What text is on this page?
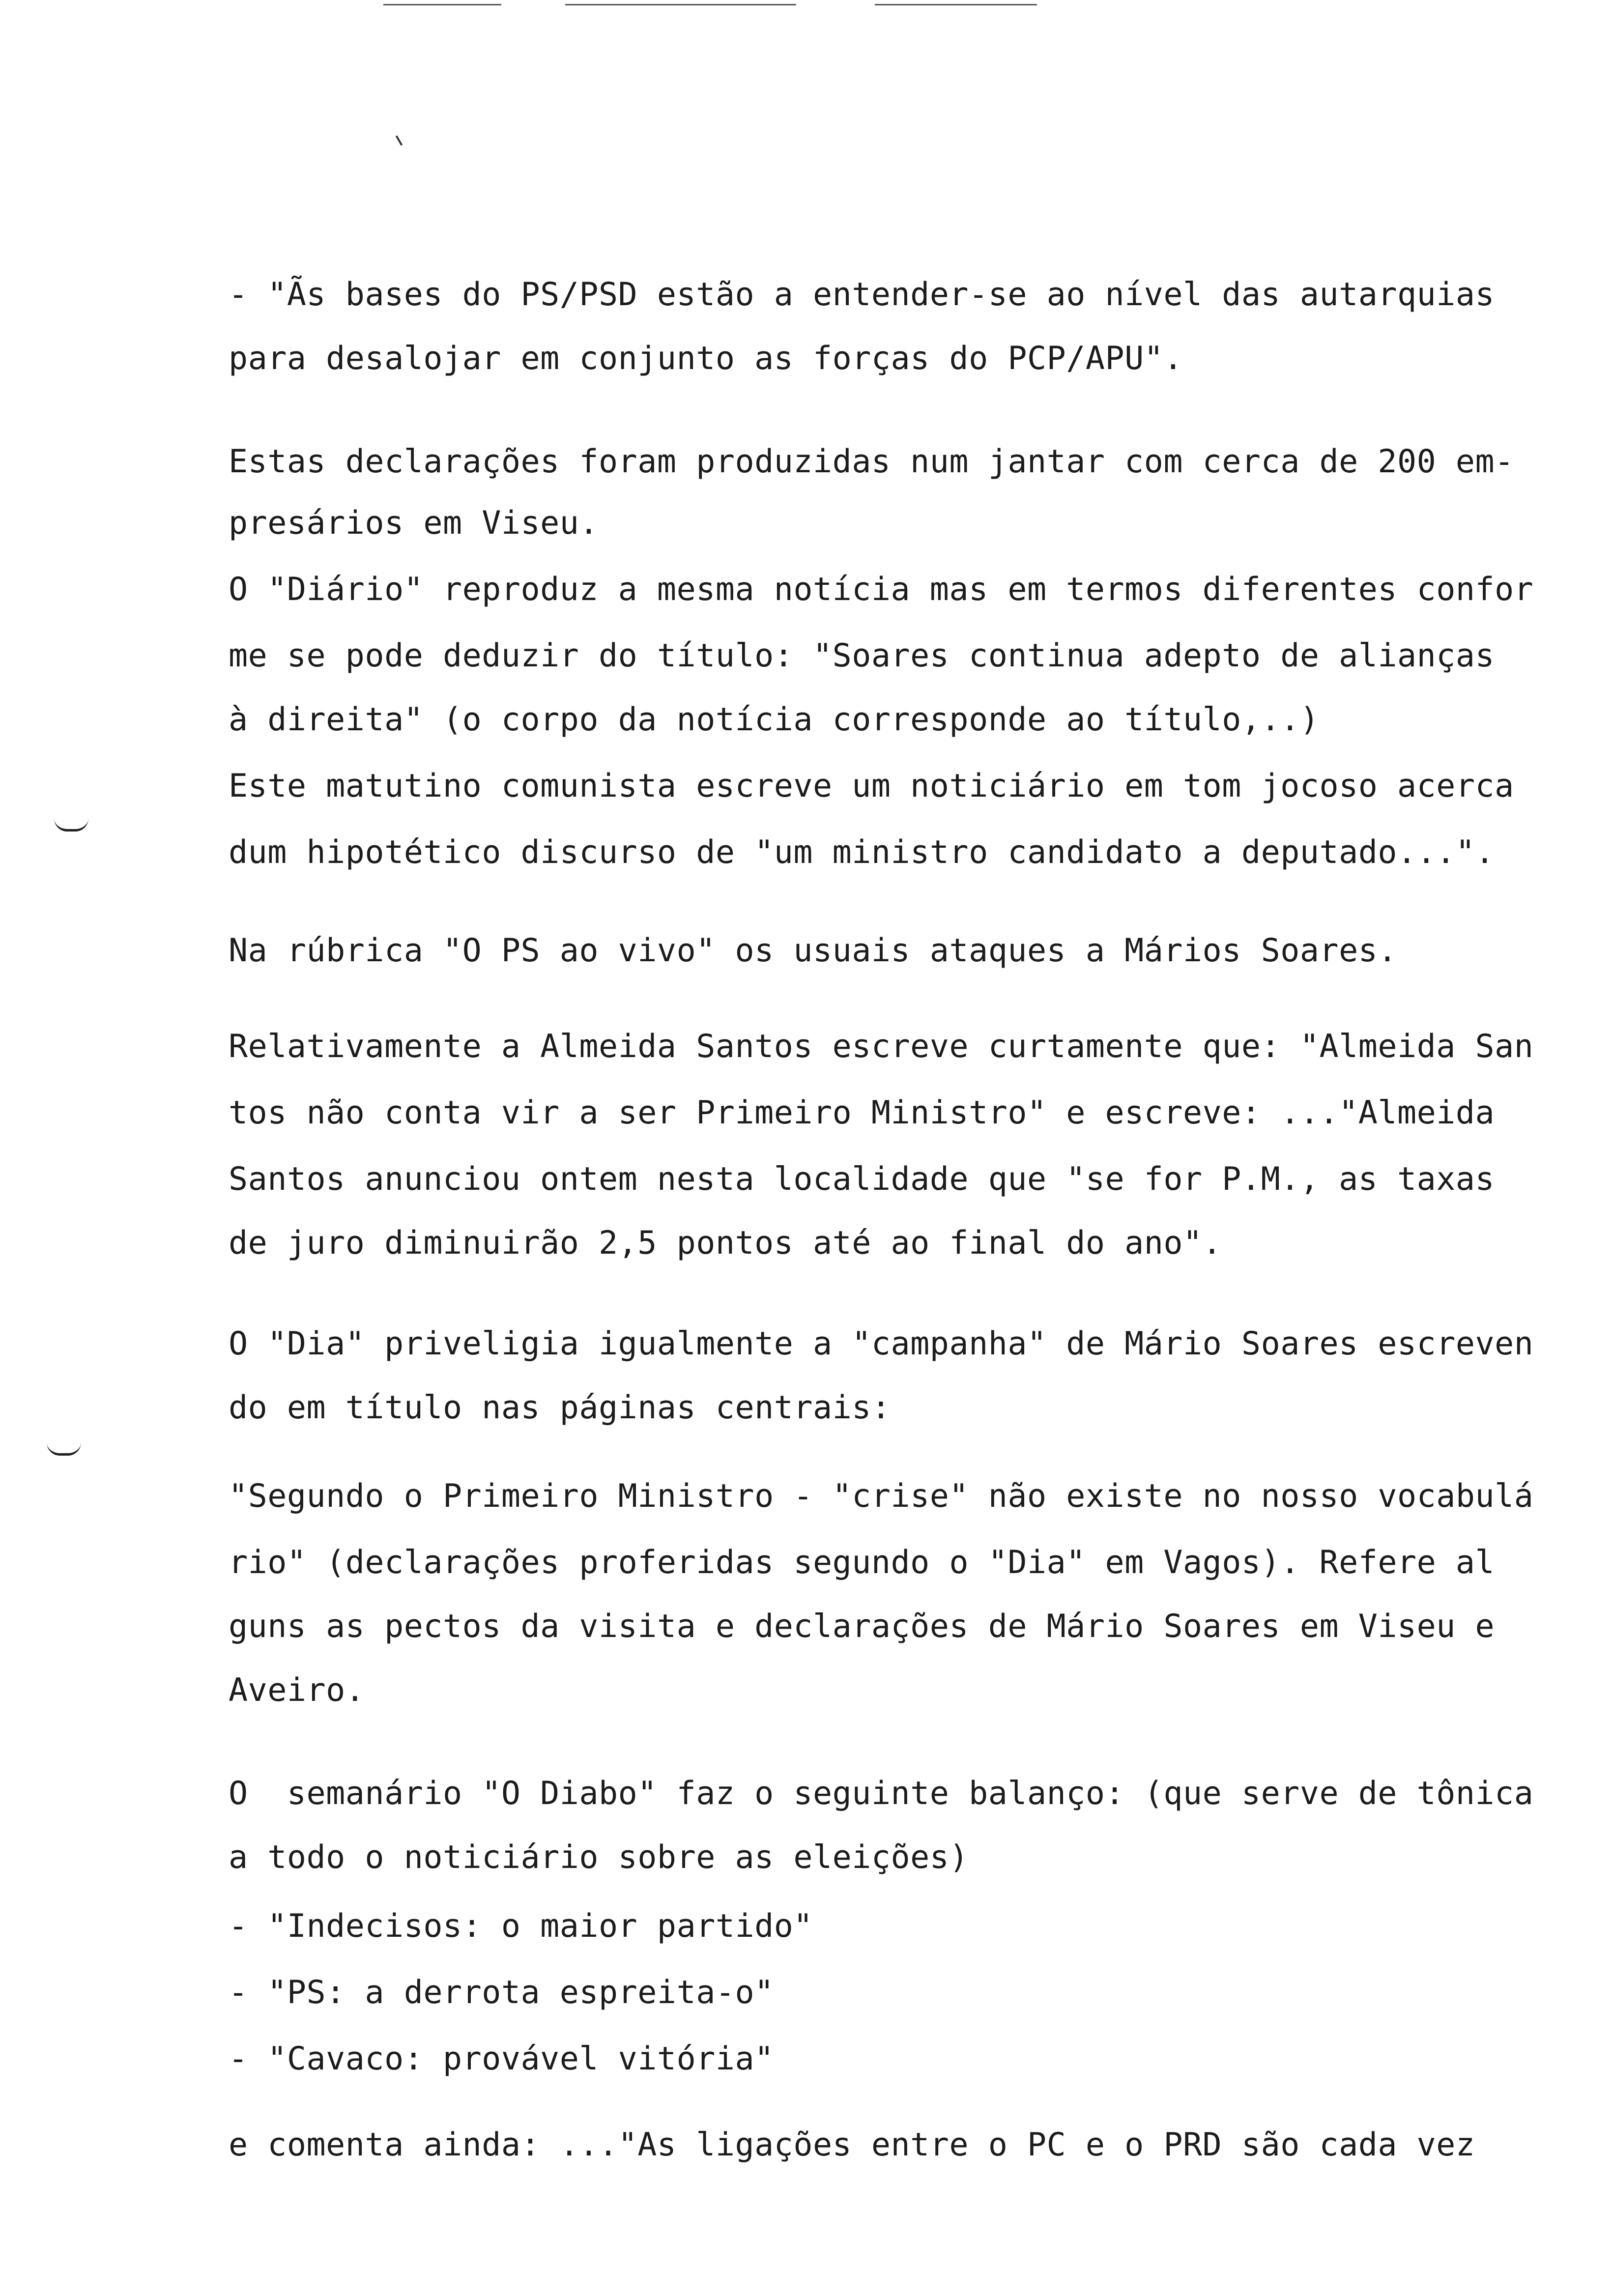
- "Ãs bases do PS/PSD estão a entender-se ao nível das autarquias

para desalojar em conjunto as forças do PCP/APU".

Estas declarações foram produzidas num jantar com cerca de 200 em-

presários em Viseu.

O "Diário" reproduz a mesma notícia mas em termos diferentes confor

me se pode deduzir do título: "Soares continua adepto de alianças

à direita" (o corpo da notícia corresponde ao título,..)

Este matutino comunista escreve um noticiário em tom jocoso acerca

dum hipotético discurso de "um ministro candidato a deputado...".

Na rúbrica "O PS ao vivo" os usuais ataques a Mários Soares.

Relativamente a Almeida Santos escreve curtamente que: "Almeida San

tos não conta vir a ser Primeiro Ministro" e escreve: ..."Almeida

Santos anunciou ontem nesta localidade que "se for P.M., as taxas

de juro diminuirão 2,5 pontos até ao final do ano".

O "Dia" priveligia igualmente a "campanha" de Mário Soares escreven

do em título nas páginas centrais:

"Segundo o Primeiro Ministro - "crise" não existe no nosso vocabulá

rio" (declarações proferidas segundo o "Dia" em Vagos). Refere al

guns as pectos da visita e declarações de Mário Soares em Viseu e

Aveiro.

O  semanário "O Diabo" faz o seguinte balanço: (que serve de tônica

a todo o noticiário sobre as eleições)

- "Indecisos: o maior partido"

- "PS: a derrota espreita-o"

- "Cavaco: provável vitória"

e comenta ainda: ..."As ligações entre o PC e o PRD são cada vez
